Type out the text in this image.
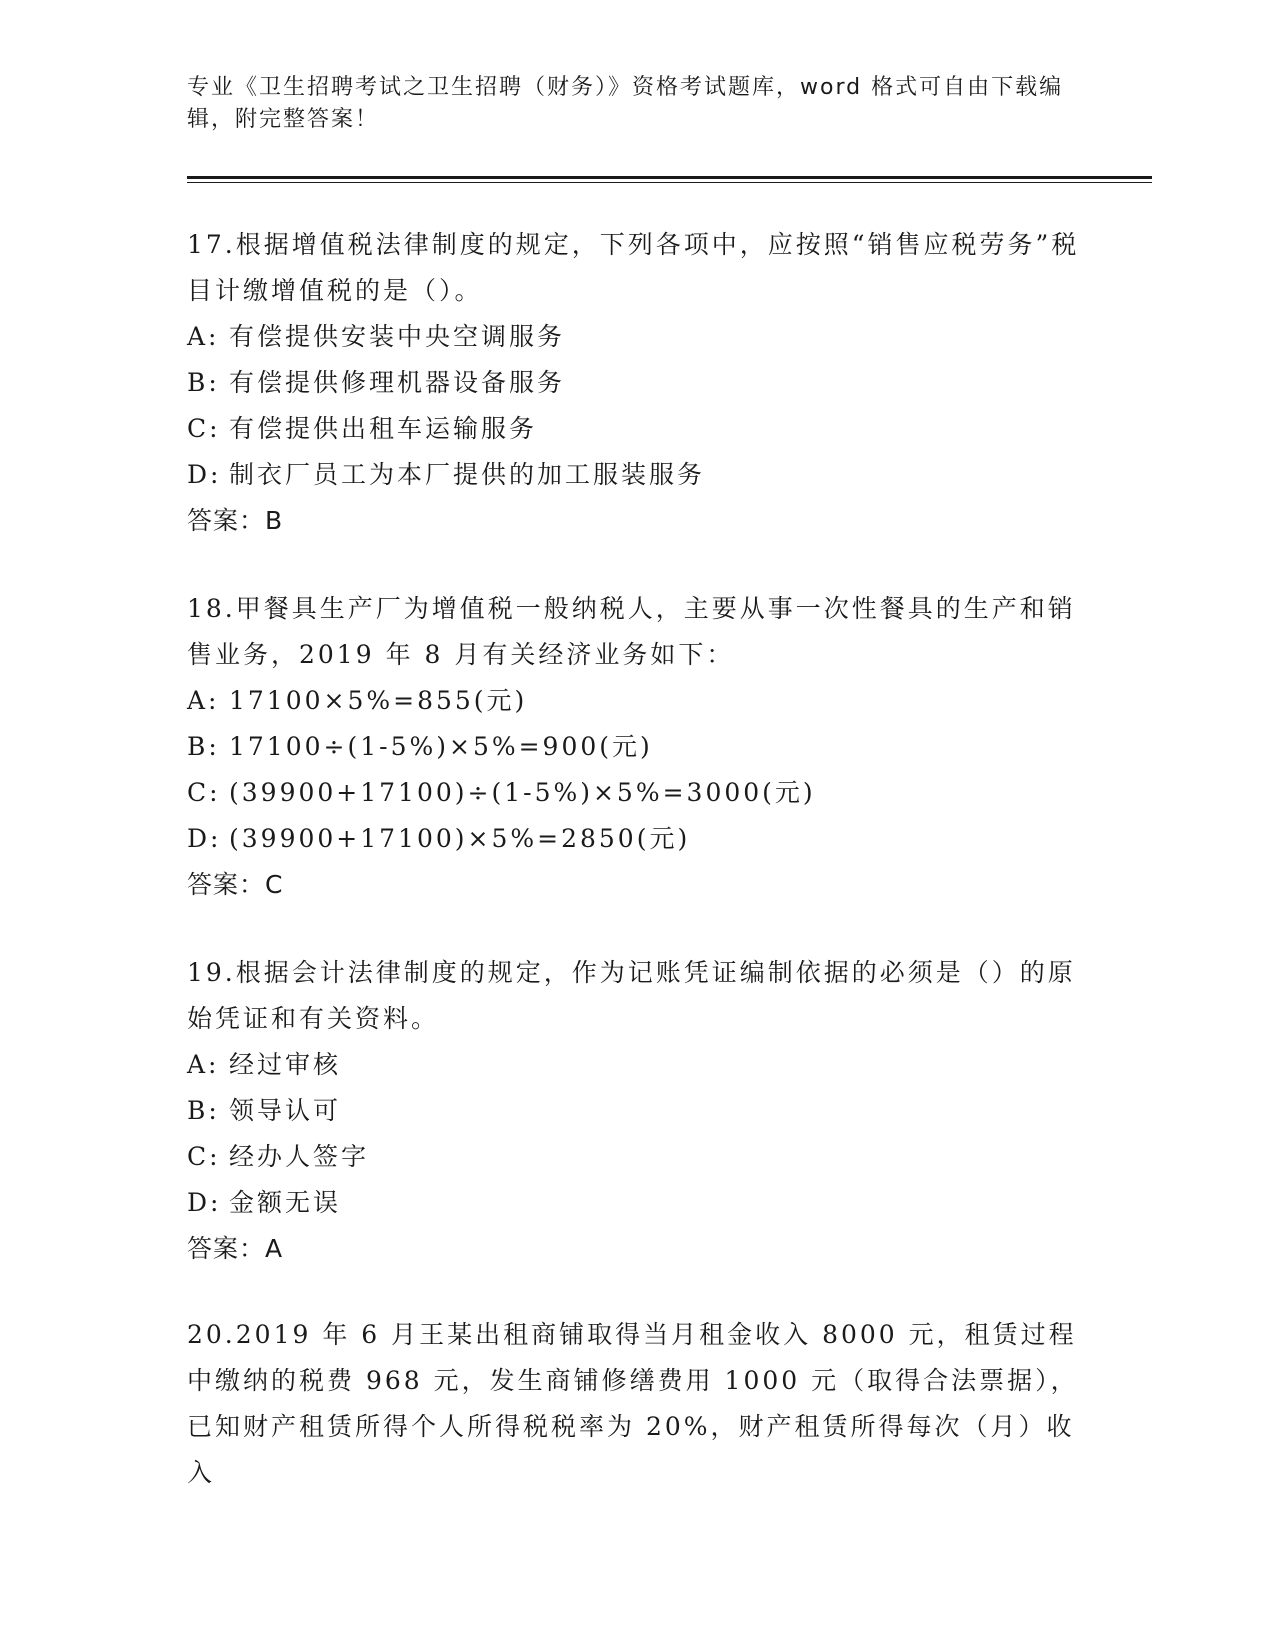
专业《卫生招聘考试之卫生招聘（财务）》资格考试题库，word 格式可自由下载编辑，附完整答案！

17.根据增值税法律制度的规定，下列各项中，应按照“销售应税劳务”税目计缴增值税的是（）。

A: 有偿提供安装中央空调服务

B: 有偿提供修理机器设备服务

C: 有偿提供出租车运输服务

D: 制衣厂员工为本厂提供的加工服装服务

答案：B

18.甲餐具生产厂为增值税一般纳税人，主要从事一次性餐具的生产和销售业务，2019 年 8 月有关经济业务如下：

A: 17100×5%=855(元)

B: 17100÷(1-5%)×5%=900(元)

C: (39900+17100)÷(1-5%)×5%=3000(元)

D: (39900+17100)×5%=2850(元)

答案：C

19.根据会计法律制度的规定，作为记账凭证编制依据的必须是（）的原始凭证和有关资料。

A: 经过审核

B: 领导认可

C: 经办人签字

D: 金额无误

答案：A

20.2019 年 6 月王某出租商铺取得当月租金收入 8000 元，租赁过程中缴纳的税费 968 元，发生商铺修缮费用 1000 元（取得合法票据），已知财产租赁所得个人所得税税率为 20%，财产租赁所得每次（月）收入
